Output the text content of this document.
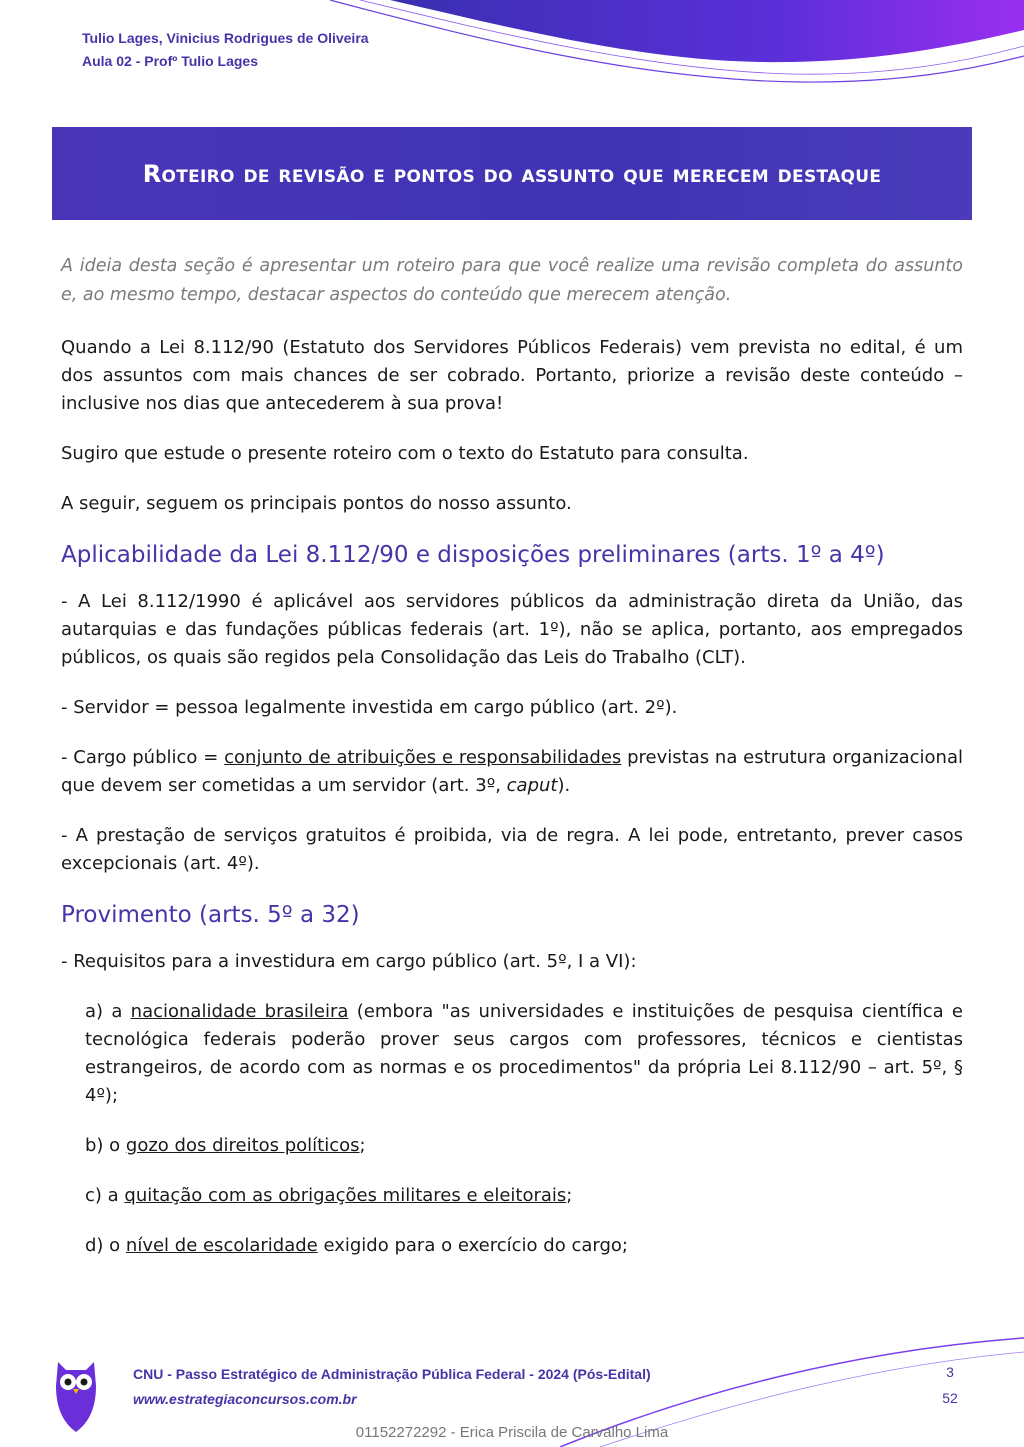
Tulio Lages, Vinicius Rodrigues de Oliveira
Aula 02 - Profº Tulio Lages
Roteiro de revisão e pontos do assunto que merecem destaque

A ideia desta seção é apresentar um roteiro para que você realize uma revisão completa do assunto e, ao mesmo tempo, destacar aspectos do conteúdo que merecem atenção.

Quando a Lei 8.112/90 (Estatuto dos Servidores Públicos Federais) vem prevista no edital, é um dos assuntos com mais chances de ser cobrado. Portanto, priorize a revisão deste conteúdo – inclusive nos dias que antecederem à sua prova!

Sugiro que estude o presente roteiro com o texto do Estatuto para consulta.

A seguir, seguem os principais pontos do nosso assunto.

Aplicabilidade da Lei 8.112/90 e disposições preliminares (arts. 1º a 4º)

- A Lei 8.112/1990 é aplicável aos servidores públicos da administração direta da União, das autarquias e das fundações públicas federais (art. 1º), não se aplica, portanto, aos empregados públicos, os quais são regidos pela Consolidação das Leis do Trabalho (CLT).

- Servidor = pessoa legalmente investida em cargo público (art. 2º).

- Cargo público = conjunto de atribuições e responsabilidades previstas na estrutura organizacional que devem ser cometidas a um servidor (art. 3º, caput).

- A prestação de serviços gratuitos é proibida, via de regra. A lei pode, entretanto, prever casos excepcionais (art. 4º).

Provimento (arts. 5º a 32)

- Requisitos para a investidura em cargo público (art. 5º, I a VI):

a) a nacionalidade brasileira (embora "as universidades e instituições de pesquisa científica e tecnológica federais poderão prover seus cargos com professores, técnicos e cientistas estrangeiros, de acordo com as normas e os procedimentos" da própria Lei 8.112/90 – art. 5º, § 4º);

b) o gozo dos direitos políticos;

c) a quitação com as obrigações militares e eleitorais;

d) o nível de escolaridade exigido para o exercício do cargo;

CNU - Passo Estratégico de Administração Pública Federal - 2024 (Pós-Edital)
www.estrategiaconcursos.com.br
3
52
01152272292 - Erica Priscila de Carvalho Lima
